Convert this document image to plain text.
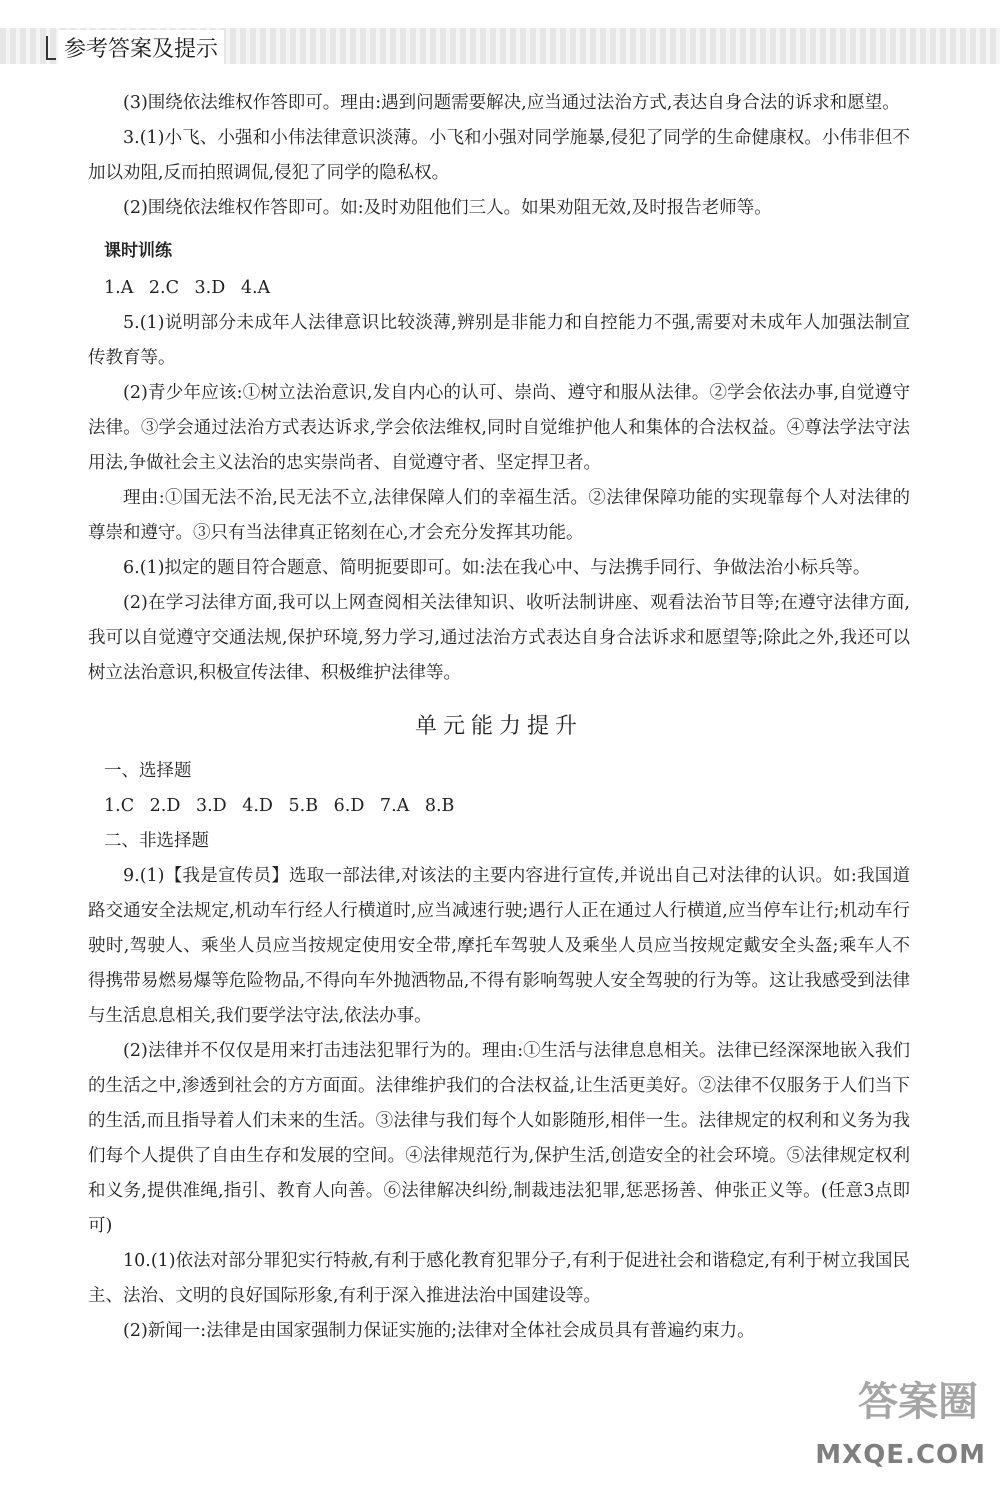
参考答案及提示

(3)围绕依法维权作答即可。理由:遇到问题需要解决,应当通过法治方式,表达自身合法的诉求和愿望。

3.(1)小飞、小强和小伟法律意识淡薄。小飞和小强对同学施暴,侵犯了同学的生命健康权。小伟非但不加以劝阻,反而拍照调侃,侵犯了同学的隐私权。

(2)围绕依法维权作答即可。如:及时劝阻他们三人。如果劝阻无效,及时报告老师等。

课时训练
1.A 2.C 3.D 4.A

5.(1)说明部分未成年人法律意识比较淡薄,辨别是非能力和自控能力不强,需要对未成年人加强法制宣传教育等。

(2)青少年应该:①树立法治意识,发自内心的认可、崇尚、遵守和服从法律。②学会依法办事,自觉遵守法律。③学会通过法治方式表达诉求,学会依法维权,同时自觉维护他人和集体的合法权益。④尊法学法守法用法,争做社会主义法治的忠实崇尚者、自觉遵守者、坚定捍卫者。

理由:①国无法不治,民无法不立,法律保障人们的幸福生活。②法律保障功能的实现靠每个人对法律的尊崇和遵守。③只有当法律真正铭刻在心,才会充分发挥其功能。

6.(1)拟定的题目符合题意、简明扼要即可。如:法在我心中、与法携手同行、争做法治小标兵等。

(2)在学习法律方面,我可以上网查阅相关法律知识、收听法制讲座、观看法治节目等;在遵守法律方面,我可以自觉遵守交通法规,保护环境,努力学习,通过法治方式表达自身合法诉求和愿望等;除此之外,我还可以树立法治意识,积极宣传法律、积极维护法律等。

单元能力提升
一、选择题
1.C 2.D 3.D 4.D 5.B 6.D 7.A 8.B
二、非选择题

9.(1)【我是宣传员】选取一部法律,对该法的主要内容进行宣传,并说出自己对法律的认识。如:我国道路交通安全法规定,机动车行经人行横道时,应当减速行驶;遇行人正在通过人行横道,应当停车让行;机动车行驶时,驾驶人、乘坐人员应当按规定使用安全带,摩托车驾驶人及乘坐人员应当按规定戴安全头盔;乘车人不得携带易燃易爆等危险物品,不得向车外抛洒物品,不得有影响驾驶人安全驾驶的行为等。这让我感受到法律与生活息息相关,我们要学法守法,依法办事。

(2)法律并不仅仅是用来打击违法犯罪行为的。理由:①生活与法律息息相关。法律已经深深地嵌入我们的生活之中,渗透到社会的方方面面。法律维护我们的合法权益,让生活更美好。②法律不仅服务于人们当下的生活,而且指导着人们未来的生活。③法律与我们每个人如影随形,相伴一生。法律规定的权利和义务为我们每个人提供了自由生存和发展的空间。④法律规范行为,保护生活,创造安全的社会环境。⑤法律规定权利和义务,提供准绳,指引、教育人向善。⑥法律解决纠纷,制裁违法犯罪,惩恶扬善、伸张正义等。(任意3点即可)

10.(1)依法对部分罪犯实行特赦,有利于感化教育犯罪分子,有利于促进社会和谐稳定,有利于树立我国民主、法治、文明的良好国际形象,有利于深入推进法治中国建设等。

(2)新闻一:法律是由国家强制力保证实施的;法律对全体社会成员具有普遍约束力。

答案圈
MXQE.COM
